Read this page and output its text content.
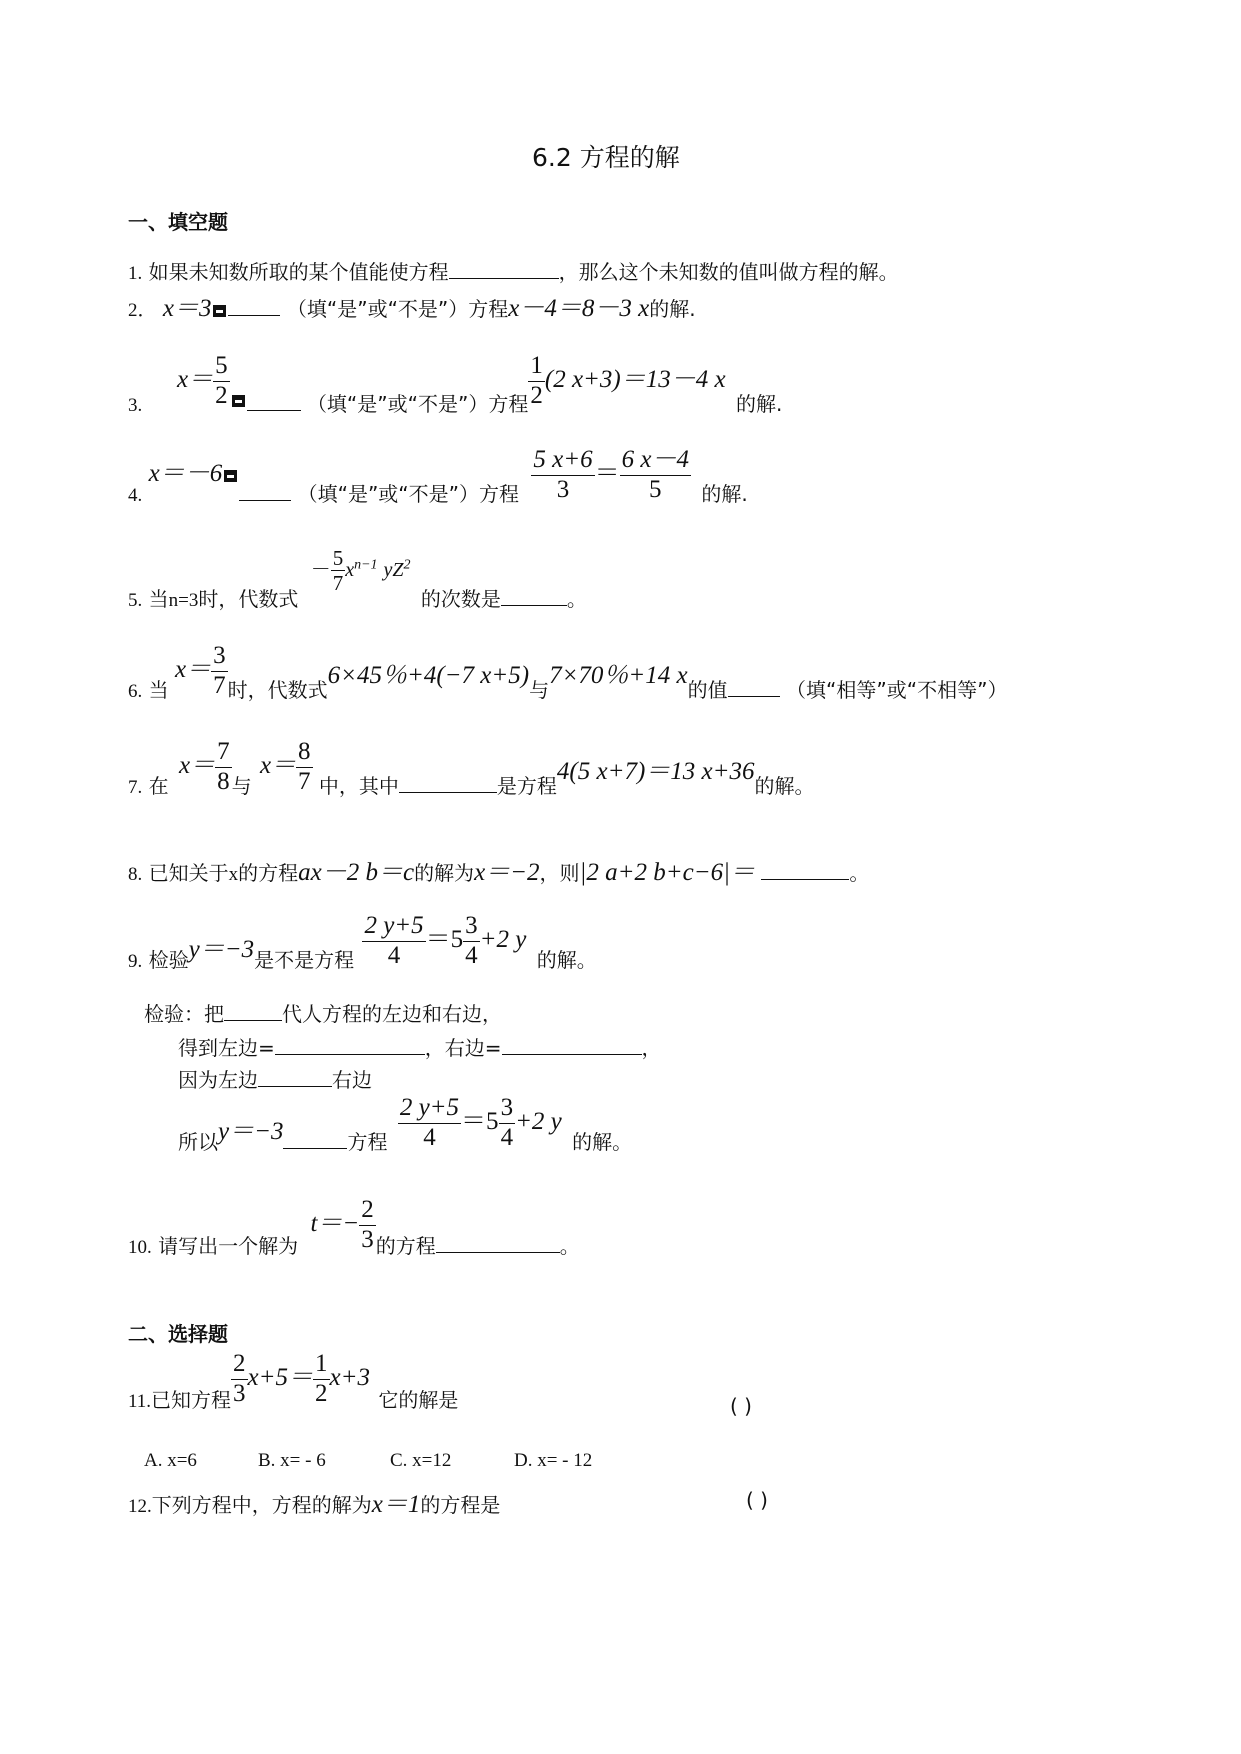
6.2 方程的解
一、填空题
1. 如果未知数所取的某个值能使方程	，那么这个未知数的值叫做方程的解。
2． x＝3	（填“是”或“不是”）方程x－4＝8－3 x的解.
3.  $x= \frac{5}{2}$	（填“是”或“不是”）方程 $\frac{1}{2} (2$ x+3)＝13－4 x 的解.
4. x＝－6 （填“是”或“不是”）方程 $\frac{5 x+6}{3} = \frac{6 x-4}{5}$ 的解.
5. 当n=3时，代数式 － $\frac{5}{7} x^{n-1}$ $yZ^2$ 的次数是	。
6. 当 $x= \frac{3}{7}$ 时，代数式6×45％+4(−7 x+5)与7×70％+14 x的值	（填“相等”或“不相等”）
7. 在 $x= \frac{7}{8}$ 与 $x= \frac{8}{7}$ 中，其中	是方程4(5 x+7)＝13 x+36的解。
8. 已知关于x的方程ax－2 b＝c的解为x＝−2，则|2 a+2 b+c−6|＝	。
9. 检验y＝−3是不是方程 $\frac{2 y+5}{4} =5 \frac{3}{4} +2$ y 的解。
检验：把	代人方程的左边和右边，
得到左边=	，右边=	，
因为左边	右边
所以y＝−3	方程 $\frac{2 y+5}{4} =5 \frac{3}{4} +2$ y 的解。
10. 请写出一个解为 $t=- \frac{2}{3}$ 的方程	。
二、选择题
11.已知方程 $\frac{2}{3} x+5= \frac{1}{2} x+3$ 它的解是	( )
A. x=6	B. x= - 6	C. x=12	D. x= - 12
12.下列方程中，方程的解为x＝1的方程是	( )
